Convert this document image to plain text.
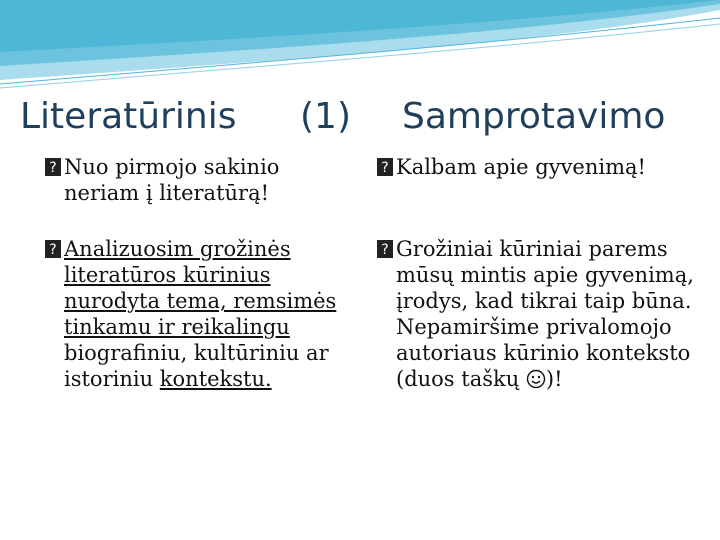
Literatūrinis (1) Samprotavimo

? Nuo pirmojo sakinio neriam į literatūrą!

? Analizuosim grožinės literatūros kūrinius nurodyta tema, remsimės tinkamu ir reikalingu biografiniu, kultūriniu ar istoriniu kontekstu.

? Kalbam apie gyvenimą!

? Grožiniai kūriniai parems mūsų mintis apie gyvenimą, įrodys, kad tikrai taip būna. Nepamiršime privalomojo autoriaus kūrinio konteksto (duos taškų )!
